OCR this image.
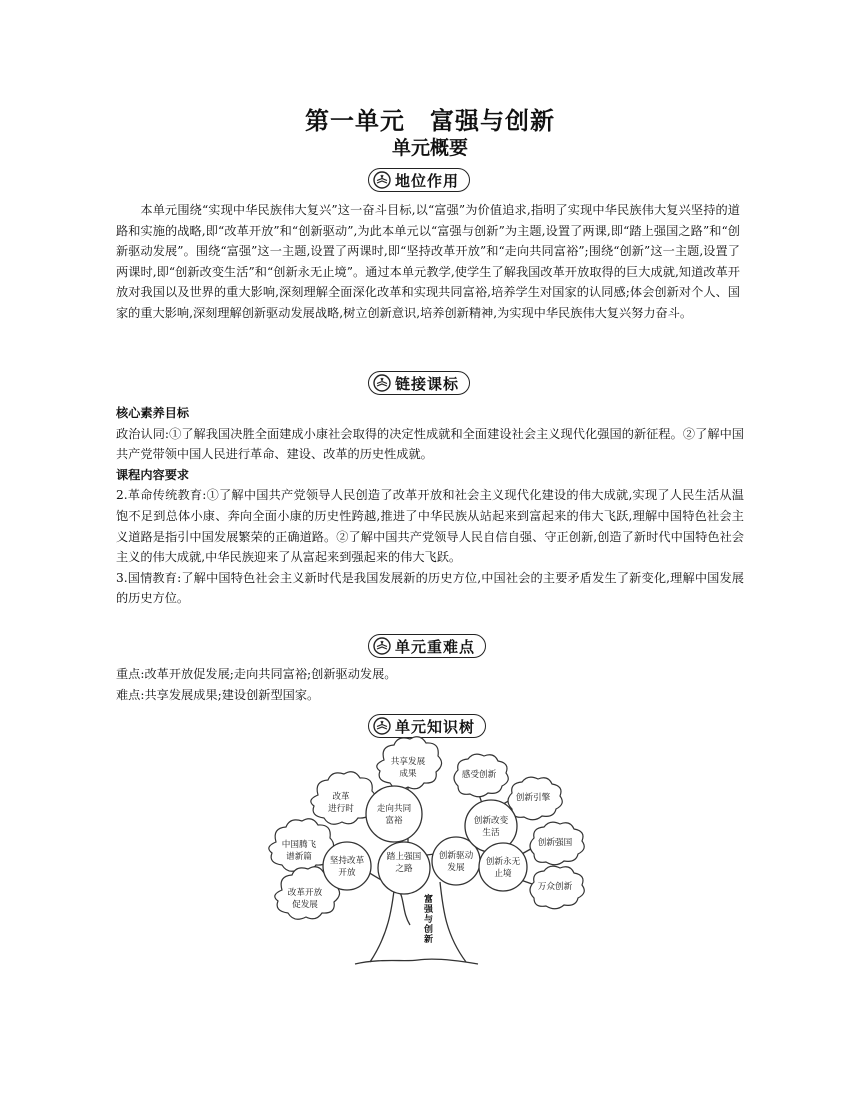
第一单元　富强与创新
单元概要
地位作用

本单元围绕“实现中华民族伟大复兴”这一奋斗目标,以“富强”为价值追求,指明了实现中华民族伟大复兴坚持的道路和实施的战略,即“改革开放”和“创新驱动”,为此本单元以“富强与创新”为主题,设置了两课,即“踏上强国之路”和“创新驱动发展”。围绕“富强”这一主题,设置了两课时,即“坚持改革开放”和“走向共同富裕”;围绕“创新”这一主题,设置了两课时,即“创新改变生活”和“创新永无止境”。通过本单元教学,使学生了解我国改革开放取得的巨大成就,知道改革开放对我国以及世界的重大影响,深刻理解全面深化改革和实现共同富裕,培养学生对国家的认同感;体会创新对个人、国家的重大影响,深刻理解创新驱动发展战略,树立创新意识,培养创新精神,为实现中华民族伟大复兴努力奋斗。

链接课标
核心素养目标
政治认同:①了解我国决胜全面建成小康社会取得的决定性成就和全面建设社会主义现代化强国的新征程。②了解中国共产党带领中国人民进行革命、建设、改革的历史性成就。
课程内容要求
2.革命传统教育:①了解中国共产党领导人民创造了改革开放和社会主义现代化建设的伟大成就,实现了人民生活从温饱不足到总体小康、奔向全面小康的历史性跨越,推进了中华民族从站起来到富起来的伟大飞跃,理解中国特色社会主义道路是指引中国发展繁荣的正确道路。②了解中国共产党领导人民自信自强、守正创新,创造了新时代中国特色社会主义的伟大成就,中华民族迎来了从富起来到强起来的伟大飞跃。
3.国情教育:了解中国特色社会主义新时代是我国发展新的历史方位,中国社会的主要矛盾发生了新变化,理解中国发展的历史方位。
单元重难点
重点:改革开放促发展;走向共同富裕;创新驱动发展。
难点:共享发展成果;建设创新型国家。
单元知识树
共享发展
成果
改革
进行时
中国腾飞
谱新篇
改革开放
促发展
感受创新
创新引擎
创新强国
万众创新
走向共同
富裕
坚持改革
开放
踏上强国
之路
创新驱动
发展
创新改变
生活
创新永无
止境
富
强
与
创
新
